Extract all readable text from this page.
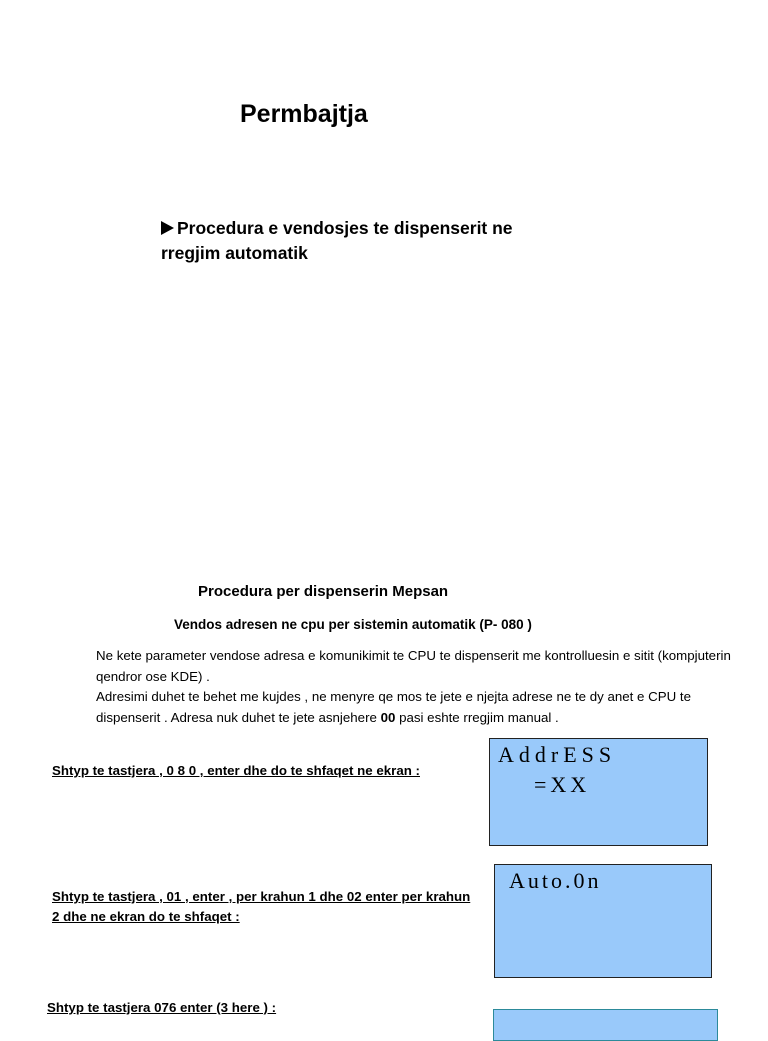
Permbajtja
Procedura e vendosjes te dispenserit ne rregjim automatik
Procedura per dispenserin Mepsan
Vendos adresen ne cpu per sistemin automatik (P- 080 )
Ne kete parameter vendose adresa e komunikimit te CPU te dispenserit me kontrolluesin e sitit (kompjuterin qendror ose KDE) .
Adresimi duhet te behet me kujdes , ne menyre qe mos te jete e njejta adrese ne te dy anet e CPU te dispenserit . Adresa nuk duhet te jete asnjehere 00 pasi eshte rregjim manual .
Shtyp te tastjera , 0 8 0 , enter dhe do te shfaqet ne ekran :
AddrESS
=XX
Shtyp te tastjera , 01 , enter , per krahun 1 dhe 02 enter per krahun 2 dhe ne ekran do te shfaqet :
Auto.0n
Shtyp te tastjera 076 enter (3 here ) :
